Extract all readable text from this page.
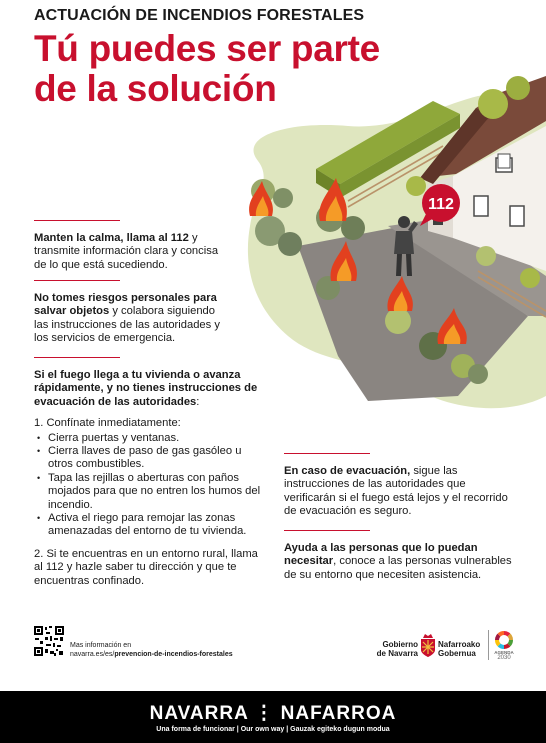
ACTUACIÓN DE INCENDIOS FORESTALES
Tú puedes ser parte
de la solución
112

Manten la calma, llama al 112 y transmite información clara y concisa de lo que está sucediendo.

No tomes riesgos personales para salvar objetos y colabora siguiendo las instrucciones de las autoridades y los servicios de emergencia.

Si el fuego llega a tu vivienda o avanza rápidamente, y no tienes instrucciones de evacuación de las autoridades:

1. Confínate inmediatamente:

• Cierra puertas y ventanas.
• Cierra llaves de paso de gas gasóleo u otros combustibles.
• Tapa las rejillas o aberturas con paños mojados para que no entren los humos del incendio.
• Activa el riego para remojar las zonas amenazadas del entorno de tu vivienda.

2. Si te encuentras en un entorno rural, llama al 112 y hazle saber tu dirección y que te encuentras confinado.

En caso de evacuación, sigue las instrucciones de las autoridades que verificarán si el fuego está lejos y el recorrido de evacuación es seguro.

Ayuda a las personas que lo puedan necesitar, conoce a las personas vulnerables de su entorno que necesiten asistencia.

Mas información en
navarra.es/es/prevencion-de-incendios-forestales
Gobierno
de Navarra
Nafarroako
Gobernua	AGENDA
2030
NAVARRA ⋮ NAFARROA
Una forma de funcionar | Our own way | Gauzak egiteko dugun modua
